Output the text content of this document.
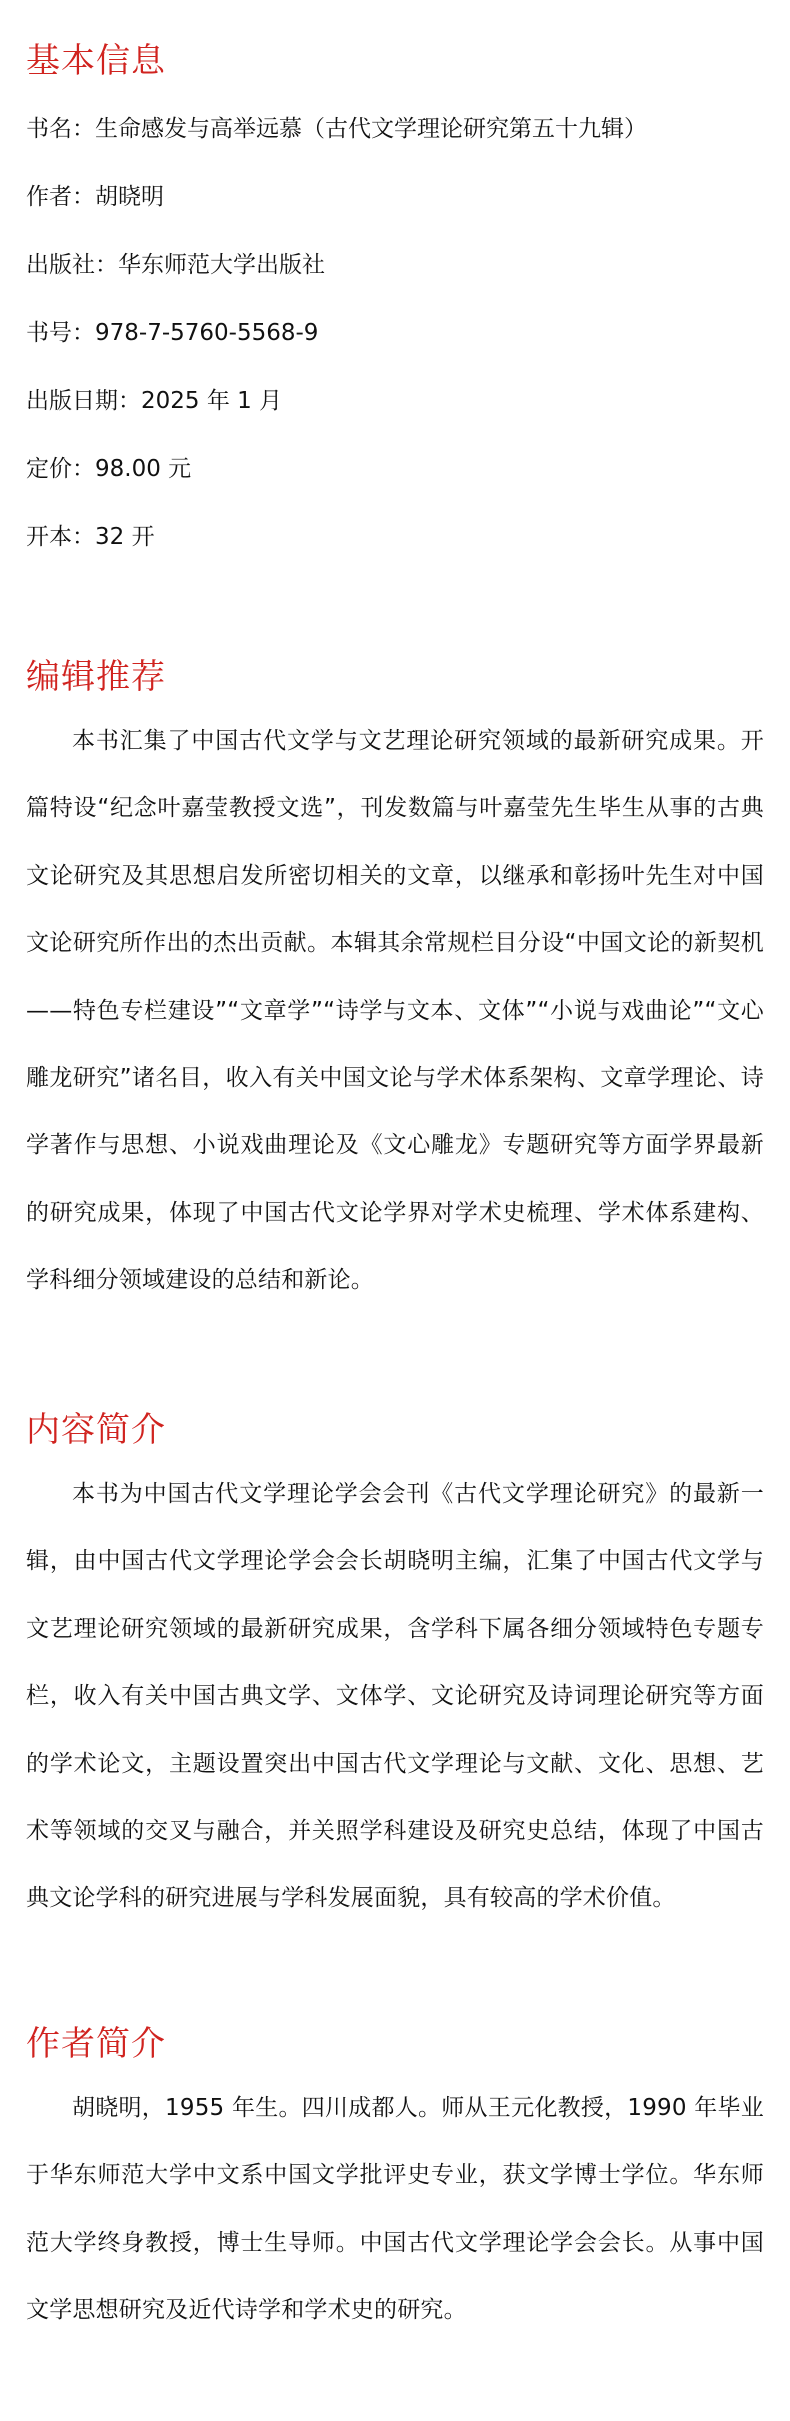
基本信息

书名：生命感发与高举远慕（古代文学理论研究第五十九辑）

作者：胡晓明

出版社：华东师范大学出版社

书号：978-7-5760-5568-9

出版日期：2025 年 1 月

定价：98.00 元

开本：32 开

编辑推荐

本书汇集了中国古代文学与文艺理论研究领域的最新研究成果。开篇特设“纪念叶嘉莹教授文选”，刊发数篇与叶嘉莹先生毕生从事的古典文论研究及其思想启发所密切相关的文章，以继承和彰扬叶先生对中国文论研究所作出的杰出贡献。本辑其余常规栏目分设“中国文论的新契机——特色专栏建设”“文章学”“诗学与文本、文体”“小说与戏曲论”“文心雕龙研究”诸名目，收入有关中国文论与学术体系架构、文章学理论、诗学著作与思想、小说戏曲理论及《文心雕龙》专题研究等方面学界最新的研究成果，体现了中国古代文论学界对学术史梳理、学术体系建构、学科细分领域建设的总结和新论。

内容简介

本书为中国古代文学理论学会会刊《古代文学理论研究》的最新一辑，由中国古代文学理论学会会长胡晓明主编，汇集了中国古代文学与文艺理论研究领域的最新研究成果，含学科下属各细分领域特色专题专栏，收入有关中国古典文学、文体学、文论研究及诗词理论研究等方面的学术论文，主题设置突出中国古代文学理论与文献、文化、思想、艺术等领域的交叉与融合，并关照学科建设及研究史总结，体现了中国古典文论学科的研究进展与学科发展面貌，具有较高的学术价值。

作者简介

胡晓明，1955 年生。四川成都人。师从王元化教授，1990 年毕业于华东师范大学中文系中国文学批评史专业，获文学博士学位。华东师范大学终身教授，博士生导师。中国古代文学理论学会会长。从事中国文学思想研究及近代诗学和学术史的研究。
